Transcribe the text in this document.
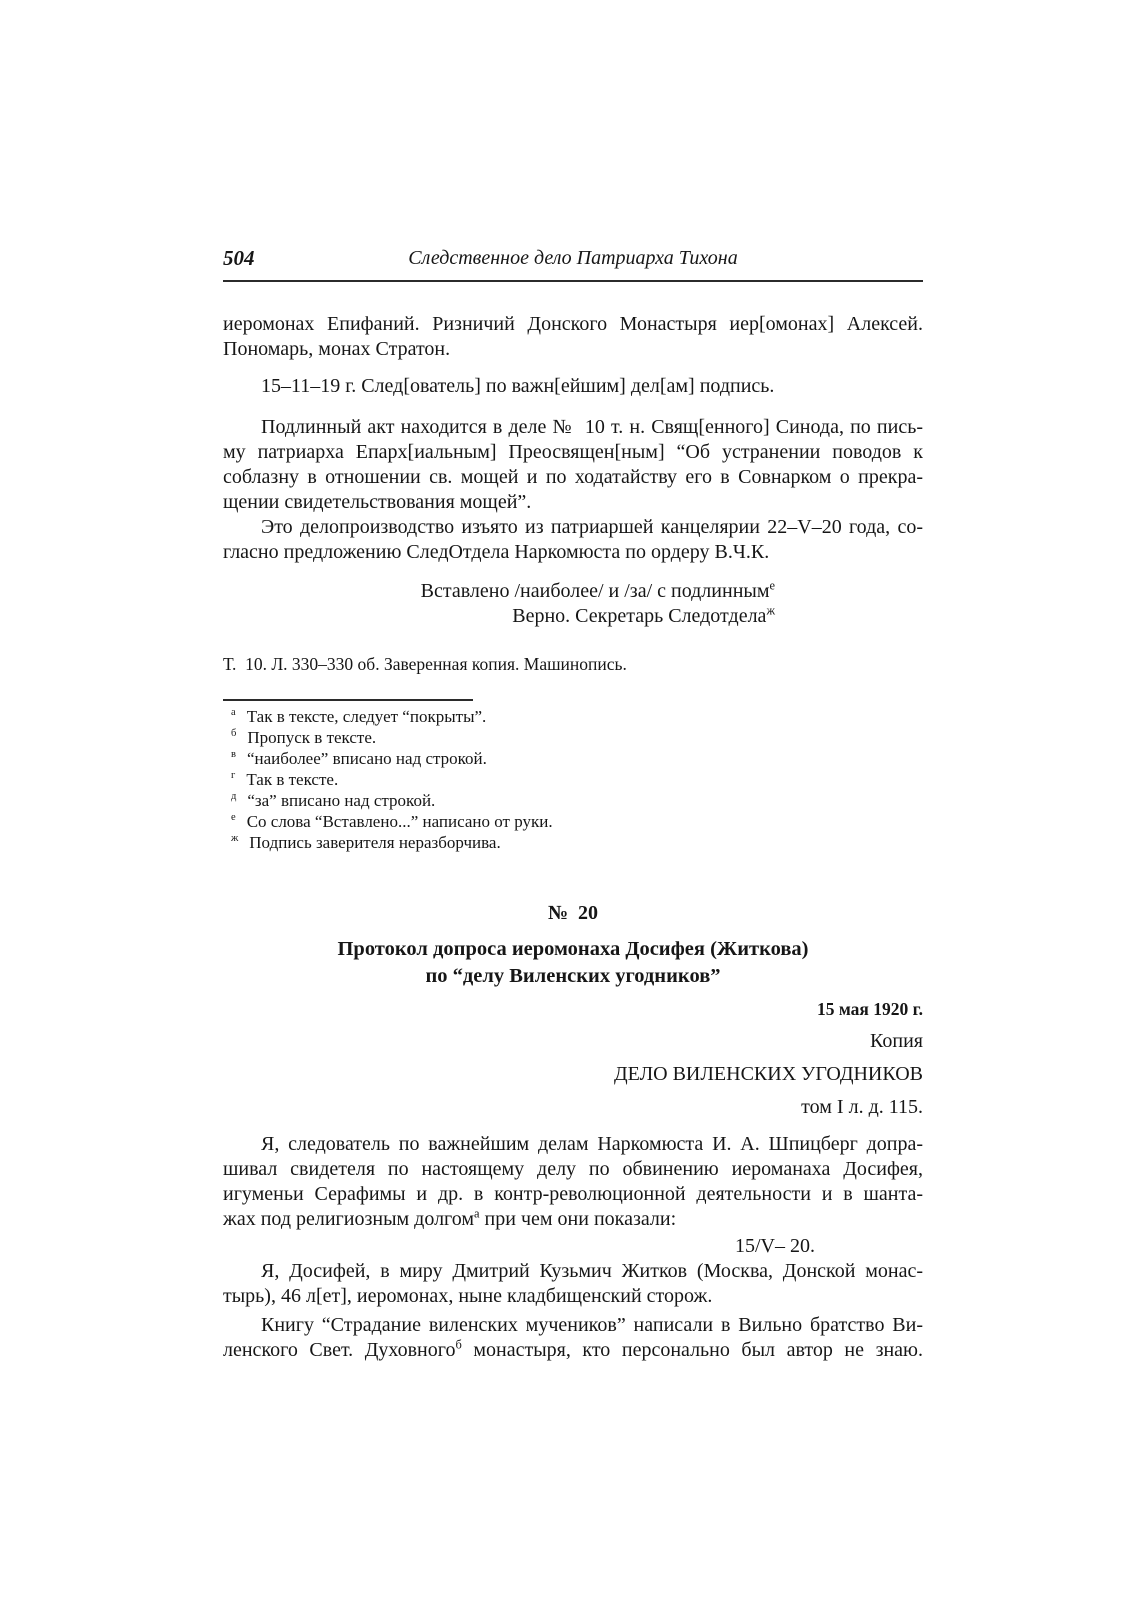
504	Следственное дело Патриарха Тихона
иеромонах Епифаний. Ризничий Донского Монастыря иер[омонах] Алексей.
Пономарь, монах Стратон.
15–11–19 г. След[ователь] по важн[ейшим] дел[ам] подпись.
Подлинный акт находится в деле №  10 т. н. Свящ[енного] Синода, по пись-
му патриарха Епарх[иальным] Преосвящен[ным] “Об устранении поводов к
соблазну в отношении св. мощей и по ходатайству его в Совнарком о прекра-
щении свидетельствования мощей”.
Это делопроизводство изъято из патриаршей канцелярии 22–V–20 года, со-
гласно предложению СледОтдела Наркомюста по ордеру В.Ч.К.
Вставлено /наиболее/ и /за/ с подлинным$^е$
Верно. Секретарь Следотдела$^ж$
Т.  10. Л. 330–330 об. Заверенная копия. Машинопись.
$^а$ Так в тексте, следует “покрыты”.
$^б$ Пропуск в тексте.
$^в$ “наиболее” вписано над строкой.
$^г$ Так в тексте.
$^д$ “за” вписано над строкой.
$^е$ Со слова “Вставлено...” написано от руки.
$^ж$ Подпись заверителя неразборчива.
№  20
Протокол допроса иеромонаха Досифея (Житкова)
по “делу Виленских угодников”
15 мая 1920 г.
Копия
ДЕЛО ВИЛЕНСКИХ УГОДНИКОВ
том I л. д. 115.
Я, следователь по важнейшим делам Наркомюста И. А. Шпицберг допра-
шивал свидетеля по настоящему делу по обвинению иероманаха Досифея,
игуменьи Серафимы и др. в контр-революционной деятельности и в шанта-
жах под религиозным долгом$^а$ при чем они показали:
15/V– 20.
Я, Досифей, в миру Дмитрий Кузьмич Житков (Москва, Донской монас-
тырь), 46 л[ет], иеромонах, ныне кладбищенский сторож.
Книгу “Страдание виленских мучеников” написали в Вильно братство Ви-
ленского Свет. Духовного$^б$ монастыря, кто персонально был автор не знаю.
